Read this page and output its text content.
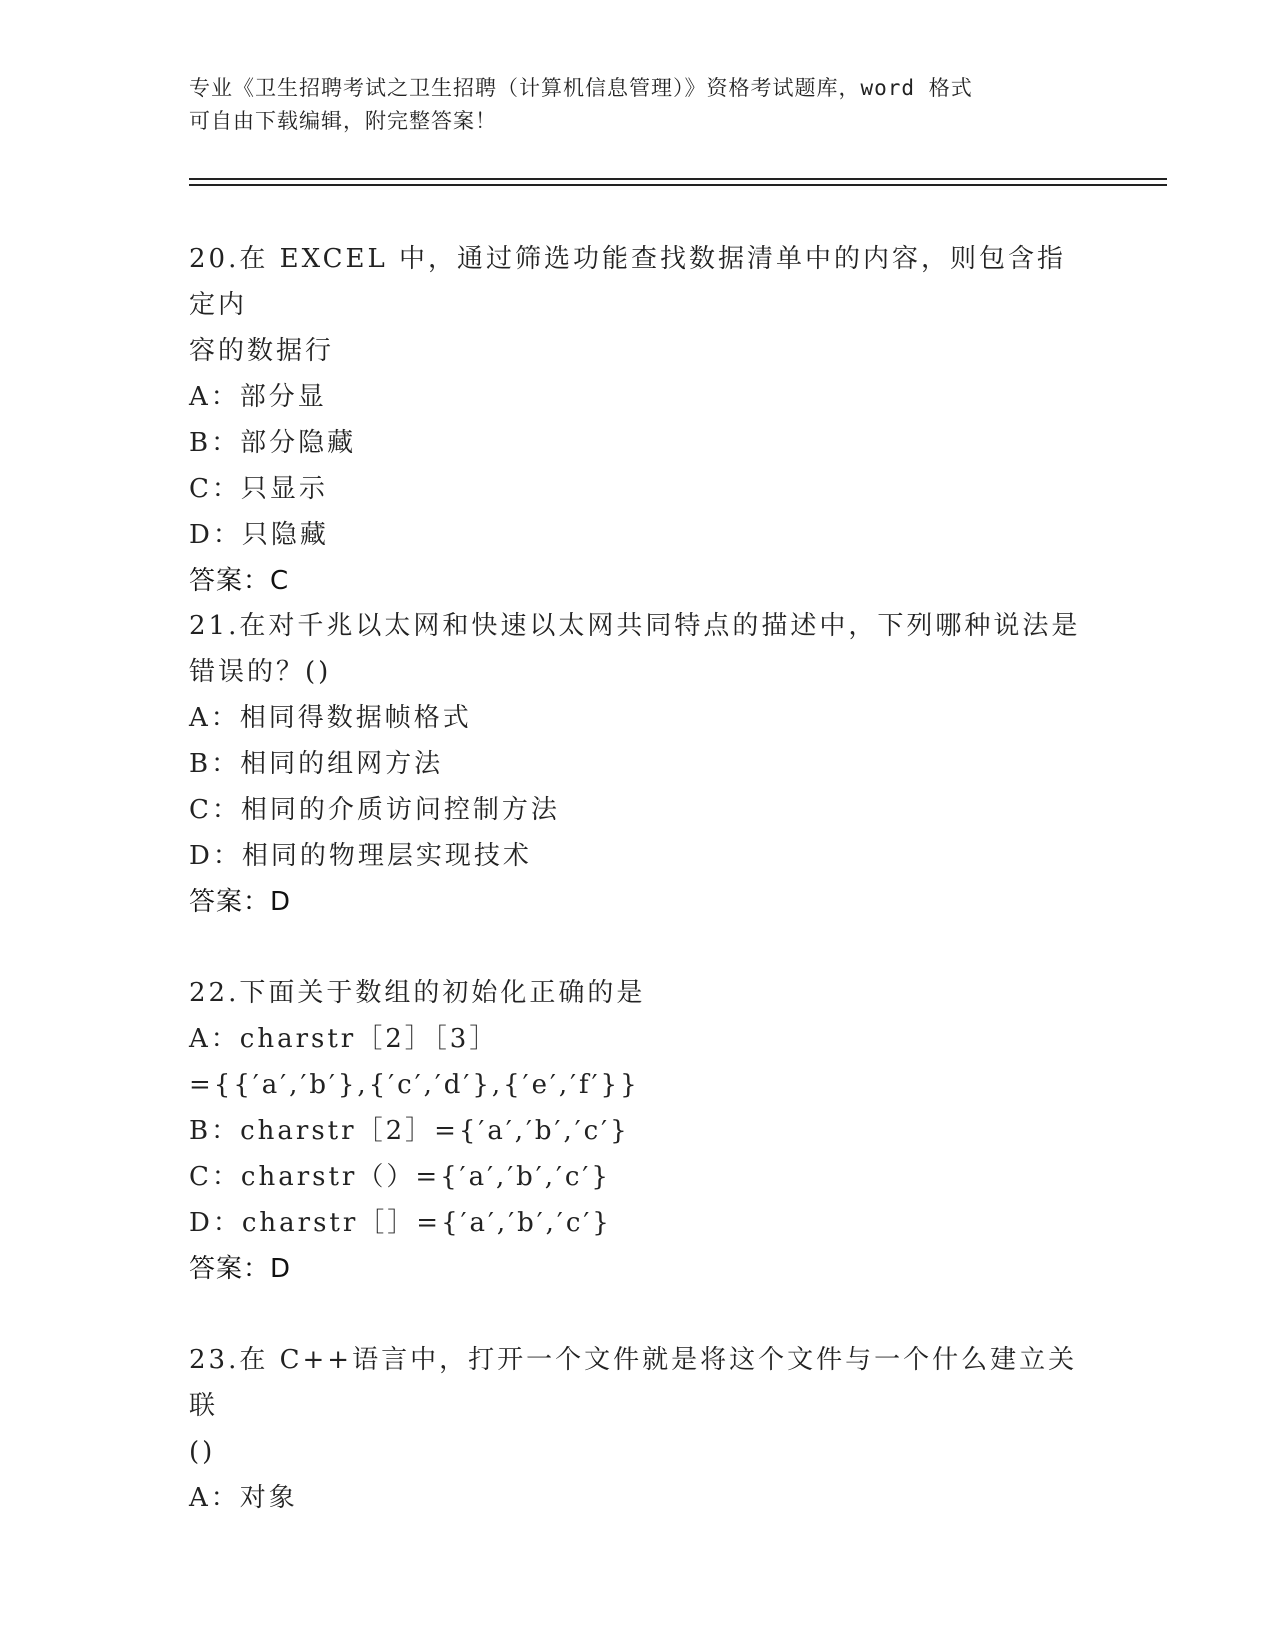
专业《卫生招聘考试之卫生招聘（计算机信息管理）》资格考试题库，word 格式
可自由下载编辑，附完整答案！
20.在 EXCEL 中，通过筛选功能查找数据清单中的内容，则包含指定内
容的数据行
A：部分显
B：部分隐藏
C：只显示
D：只隐藏
答案：C
21.在对千兆以太网和快速以太网共同特点的描述中，下列哪种说法是
错误的？()
A：相同得数据帧格式
B：相同的组网方法
C：相同的介质访问控制方法
D：相同的物理层实现技术
答案：D
22.下面关于数组的初始化正确的是
A：charstr［2］［3］
={{′a′,′b′},{′c′,′d′},{′e′,′f′}}
B：charstr［2］={′a′,′b′,′c′}
C：charstr（）={′a′,′b′,′c′}
D：charstr［］={′a′,′b′,′c′}
答案：D
23.在 C++语言中，打开一个文件就是将这个文件与一个什么建立关联
()
A：对象
